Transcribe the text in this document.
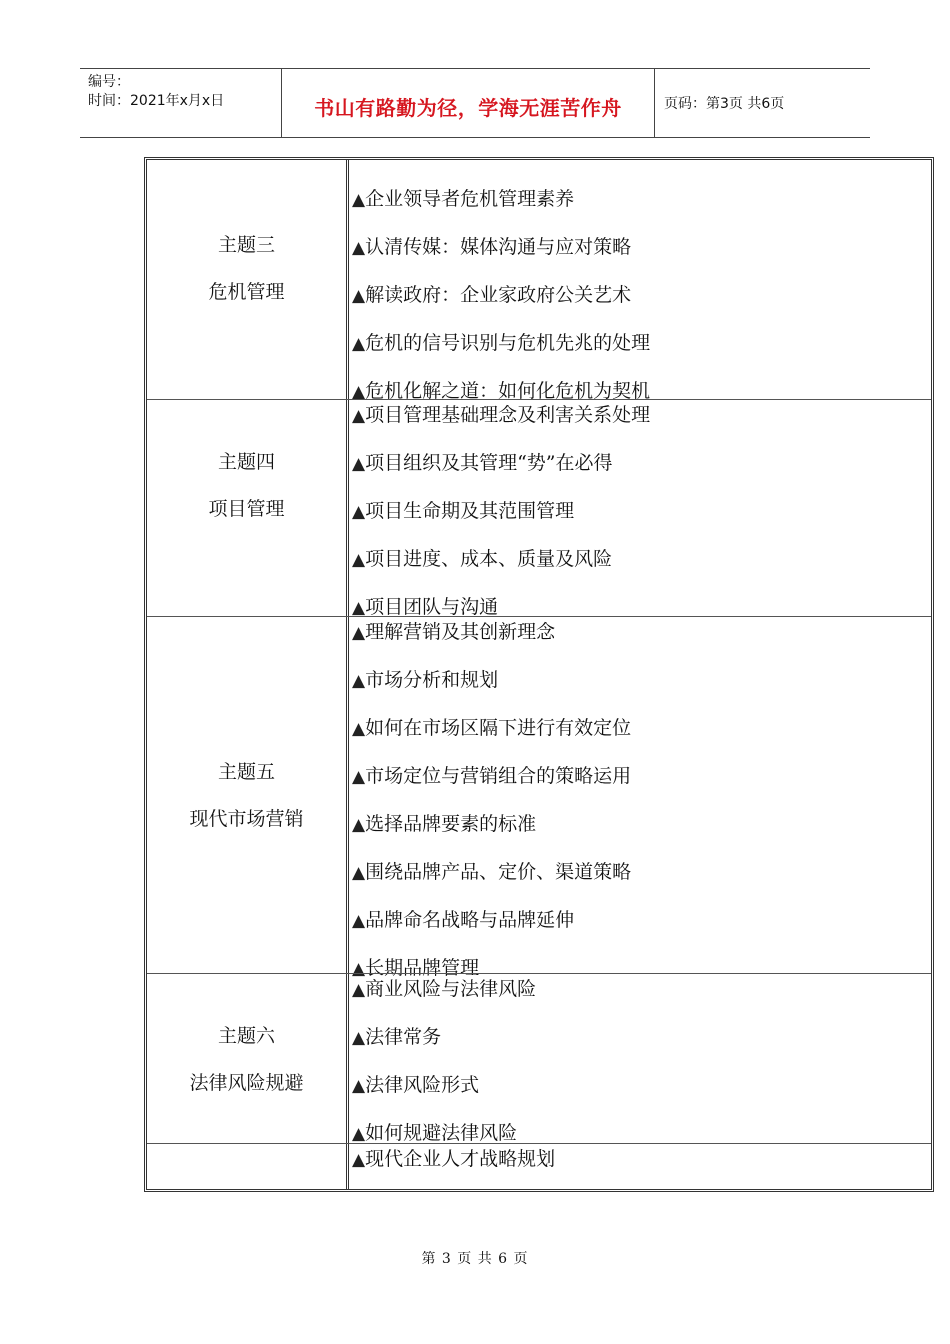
编号：
时间：2021年x月x日	书山有路勤为径，学海无涯苦作舟	页码：第3页 共6页
主题三
危机管理
▲企业领导者危机管理素养
▲认清传媒：媒体沟通与应对策略
▲解读政府：企业家政府公关艺术
▲危机的信号识别与危机先兆的处理
▲危机化解之道：如何化危机为契机
主题四
项目管理
▲项目管理基础理念及利害关系处理
▲项目组织及其管理“势”在必得
▲项目生命期及其范围管理
▲项目进度、成本、质量及风险
▲项目团队与沟通
主题五
现代市场营销
▲理解营销及其创新理念
▲市场分析和规划
▲如何在市场区隔下进行有效定位
▲市场定位与营销组合的策略运用
▲选择品牌要素的标准
▲围绕品牌产品、定价、渠道策略
▲品牌命名战略与品牌延伸
▲长期品牌管理
主题六
法律风险规避
▲商业风险与法律风险
▲法律常务
▲法律风险形式
▲如何规避法律风险
▲现代企业人才战略规划
第 3 页 共 6 页
